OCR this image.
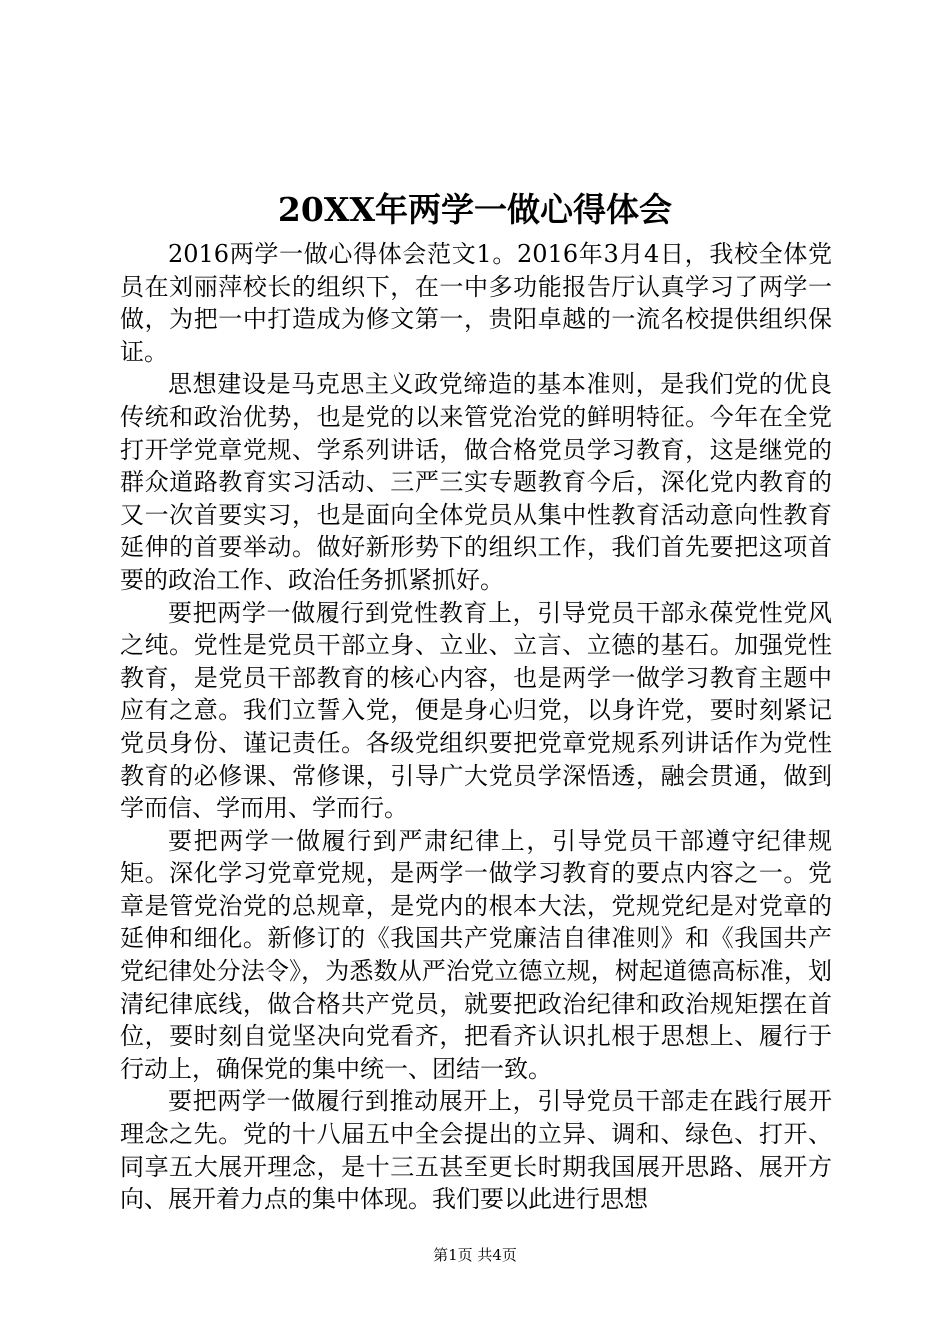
20XX年两学一做心得体会

2016两学一做心得体会范文1。2016年3月4日，我校全体党员在刘丽萍校长的组织下，在一中多功能报告厅认真学习了两学一做，为把一中打造成为修文第一，贵阳卓越的一流名校提供组织保证。

思想建设是马克思主义政党缔造的基本准则，是我们党的优良传统和政治优势，也是党的以来管党治党的鲜明特征。今年在全党打开学党章党规、学系列讲话，做合格党员学习教育，这是继党的群众道路教育实习活动、三严三实专题教育今后，深化党内教育的又一次首要实习，也是面向全体党员从集中性教育活动意向性教育延伸的首要举动。做好新形势下的组织工作，我们首先要把这项首要的政治工作、政治任务抓紧抓好。

要把两学一做履行到党性教育上，引导党员干部永葆党性党风之纯。党性是党员干部立身、立业、立言、立德的基石。加强党性教育，是党员干部教育的核心内容，也是两学一做学习教育主题中应有之意。我们立誓入党，便是身心归党，以身许党，要时刻紧记党员身份、谨记责任。各级党组织要把党章党规系列讲话作为党性教育的必修课、常修课，引导广大党员学深悟透，融会贯通，做到学而信、学而用、学而行。

要把两学一做履行到严肃纪律上，引导党员干部遵守纪律规矩。深化学习党章党规，是两学一做学习教育的要点内容之一。党章是管党治党的总规章，是党内的根本大法，党规党纪是对党章的延伸和细化。新修订的《我国共产党廉洁自律准则》和《我国共产党纪律处分法令》，为悉数从严治党立德立规，树起道德高标准，划清纪律底线，做合格共产党员，就要把政治纪律和政治规矩摆在首位，要时刻自觉坚决向党看齐，把看齐认识扎根于思想上、履行于行动上，确保党的集中统一、团结一致。

要把两学一做履行到推动展开上，引导党员干部走在践行展开理念之先。党的十八届五中全会提出的立异、调和、绿色、打开、同享五大展开理念，是十三五甚至更长时期我国展开思路、展开方向、展开着力点的集中体现。我们要以此进行思想

第1页 共4页
